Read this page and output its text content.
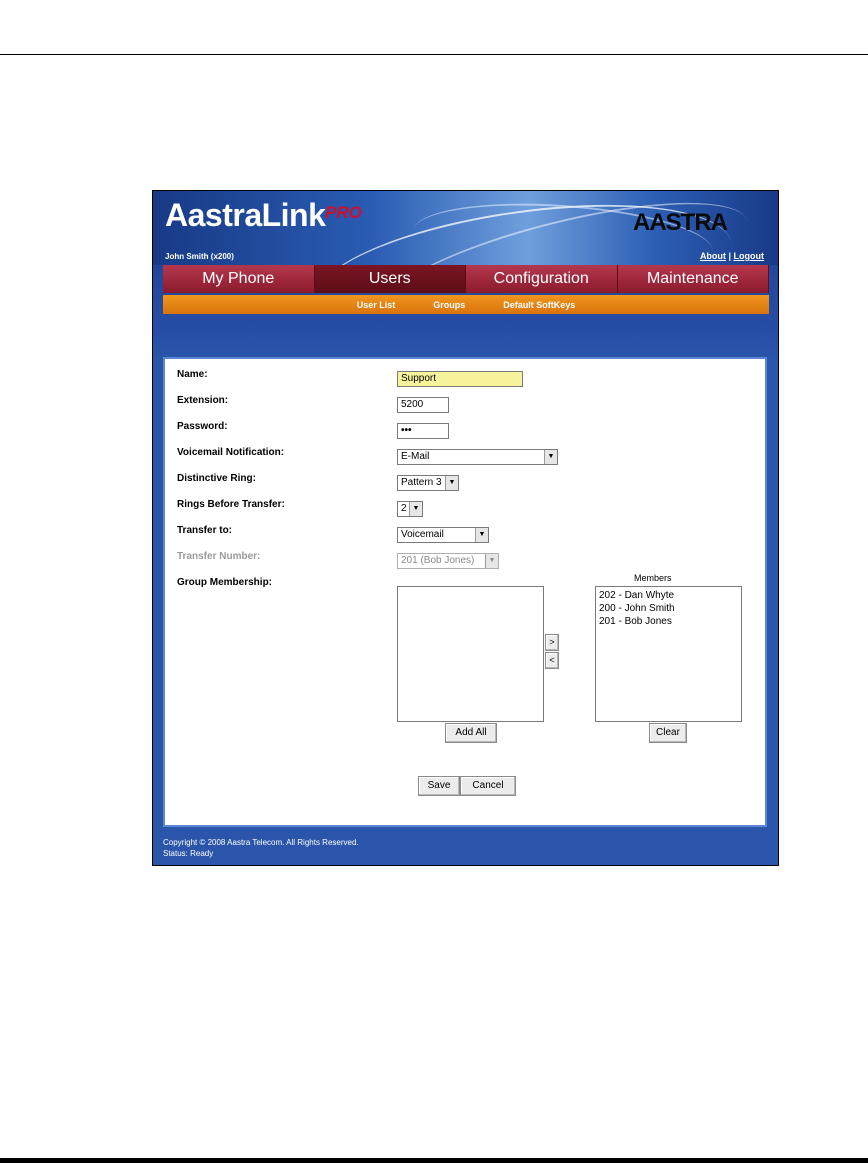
AastraLink PRO	AASTRA
John Smith (x200)	About | Logout
My Phone	Users	Configuration	Maintenance
User List	Groups	Default SoftKeys
Name:	Support
Extension:	5200
Password:	•••
Voicemail Notification:	E-Mail	▼
Distinctive Ring:	Pattern 3 ▼
Rings Before Transfer:	2 ▼
Transfer to:	Voicemail	▼
Transfer Number:	201 (Bob Jones)	▼
Group Membership:
>
<
Members
202 - Dan Whyte
200 - John Smith
201 - Bob Jones
Add All	Clear
Save	Cancel
Copyright © 2008 Aastra Telecom. All Rights Reserved.
Status: Ready
